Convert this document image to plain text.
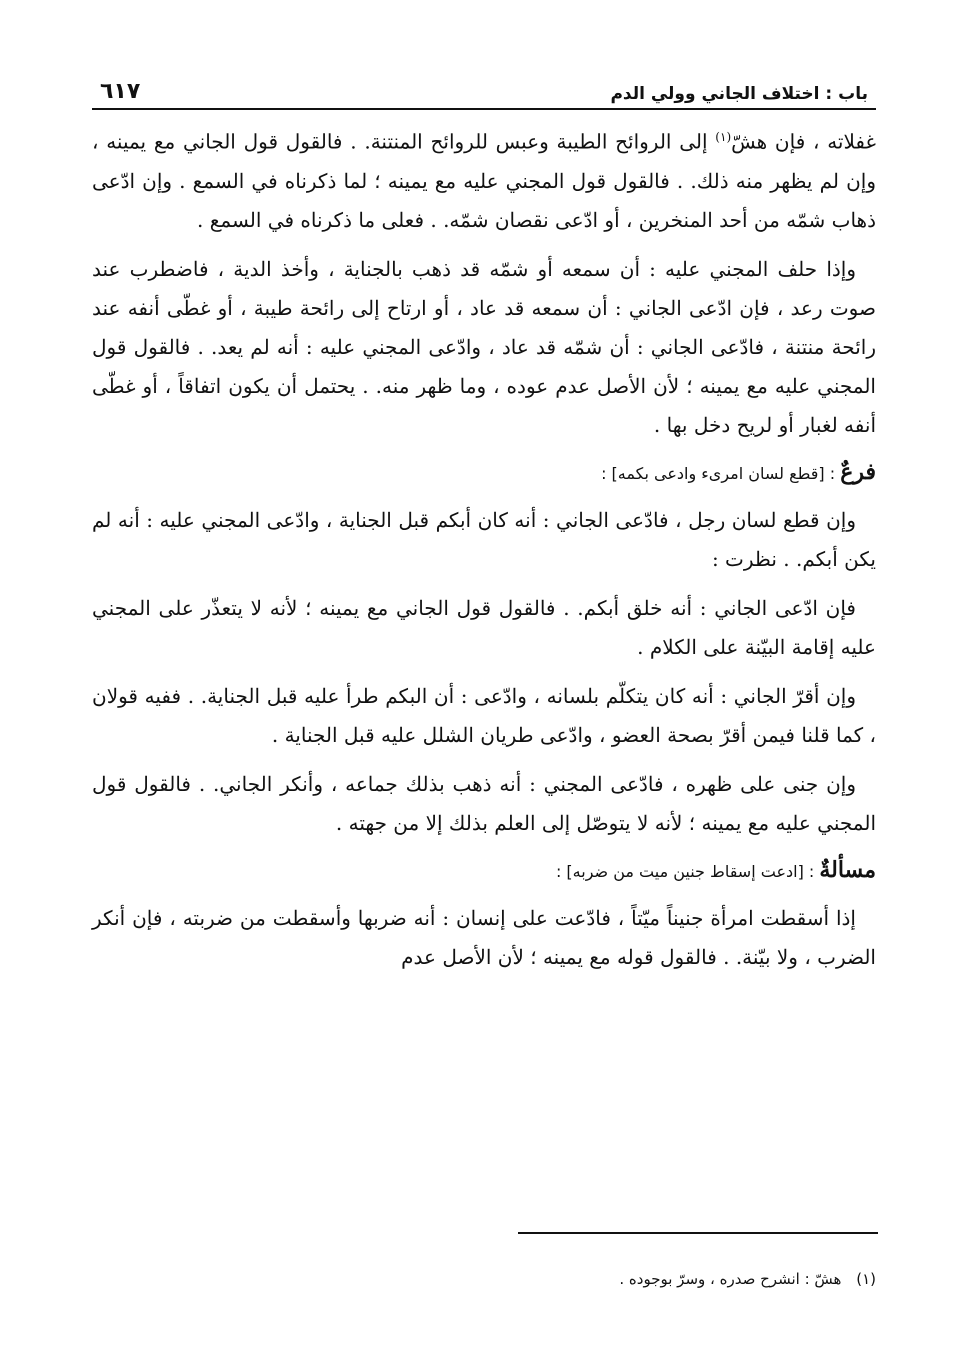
باب : اختلاف الجاني وولي الدم
٦١٧

غفلاته ، فإن هشّ$^{(١)}$ إلى الروائح الطيبة وعبس للروائح المنتنة. . فالقول قول الجاني مع يمينه ، وإن لم يظهر منه ذلك. . فالقول قول المجني عليه مع يمينه ؛ لما ذكرناه في السمع . وإن ادّعى ذهاب شمّه من أحد المنخرين ، أو ادّعى نقصان شمّه. . فعلى ما ذكرناه في السمع .

وإذا حلف المجني عليه : أن سمعه أو شمّه قد ذهب بالجناية ، وأخذ الدية ، فاضطرب عند صوت رعد ، فإن ادّعى الجاني : أن سمعه قد عاد ، أو ارتاح إلى رائحة طيبة ، أو غطّى أنفه عند رائحة منتنة ، فادّعى الجاني : أن شمّه قد عاد ، وادّعى المجني عليه : أنه لم يعد. . فالقول قول المجني عليه مع يمينه ؛ لأن الأصل عدم عوده ، وما ظهر منه. . يحتمل أن يكون اتفاقاً ، أو غطّى أنفه لغبار أو لريح دخل بها .

فرعٌ : [قطع لسان امرىء وادعى بكمه] :

وإن قطع لسان رجل ، فادّعى الجاني : أنه كان أبكم قبل الجناية ، وادّعى المجني عليه : أنه لم يكن أبكم. . نظرت :

فإن ادّعى الجاني : أنه خلق أبكم. . فالقول قول الجاني مع يمينه ؛ لأنه لا يتعذّر على المجني عليه إقامة البيّنة على الكلام .

وإن أقرّ الجاني : أنه كان يتكلّم بلسانه ، وادّعى : أن البكم طرأ عليه قبل الجناية. . ففيه قولان ، كما قلنا فيمن أقرّ بصحة العضو ، وادّعى طريان الشلل عليه قبل الجناية .

وإن جنى على ظهره ، فادّعى المجني : أنه ذهب بذلك جماعه ، وأنكر الجاني. . فالقول قول المجني عليه مع يمينه ؛ لأنه لا يتوصّل إلى العلم بذلك إلا من جهته .

مسألةٌ : [ادعت إسقاط جنين ميت من ضربه] :

إذا أسقطت امرأة جنيناً ميّتاً ، فادّعت على إنسان : أنه ضربها وأسقطت من ضربته ، فإن أنكر الضرب ، ولا بيّنة. . فالقول قوله مع يمينه ؛ لأن الأصل عدم

(١) هشّ : انشرح صدره ، وسرّ بوجوده .
